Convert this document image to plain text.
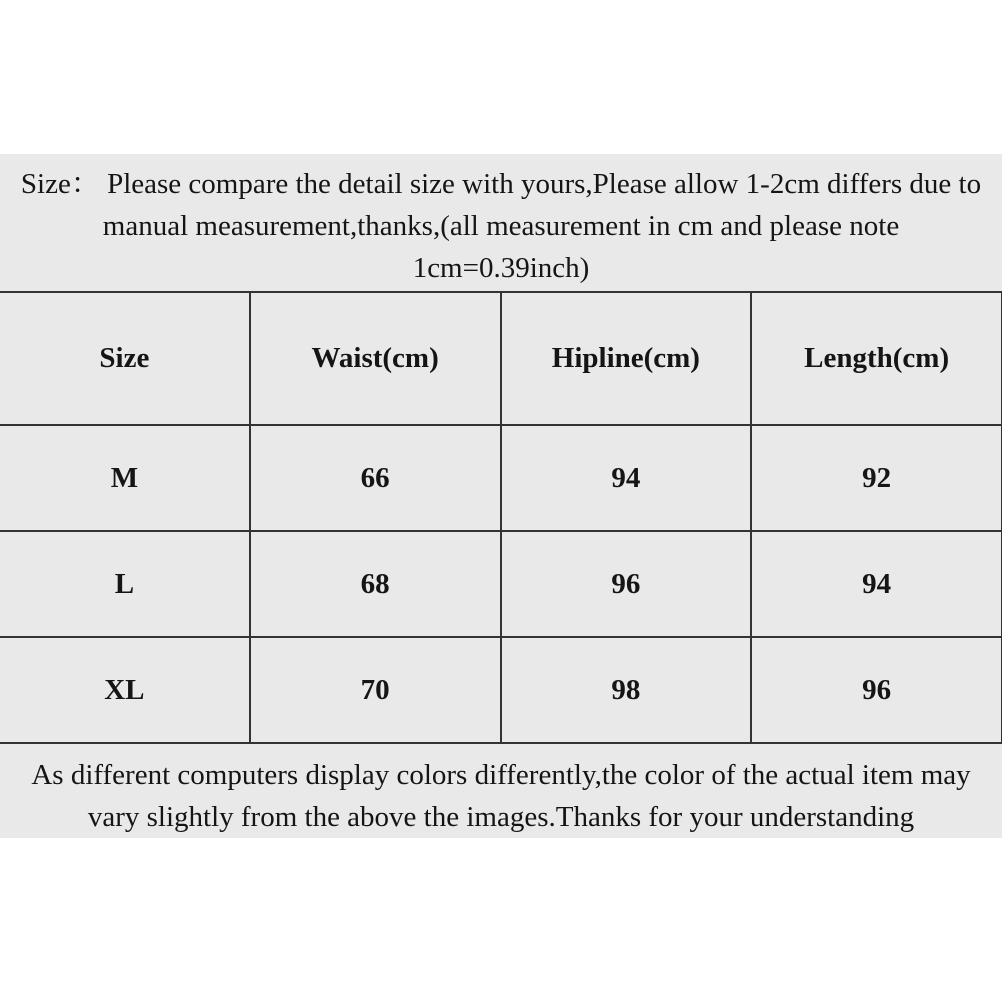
Size： Please compare the detail size with yours,Please allow 1-2cm differs due to
manual measurement,thanks,(all measurement in cm and please note
1cm=0.39inch)
Size	Waist(cm)	Hipline(cm)	Length(cm)
M	66	94	92
L	68	96	94
XL	70	98	96
As different computers display colors differently,the color of the actual item may
vary slightly from the above the images.Thanks for your understanding
